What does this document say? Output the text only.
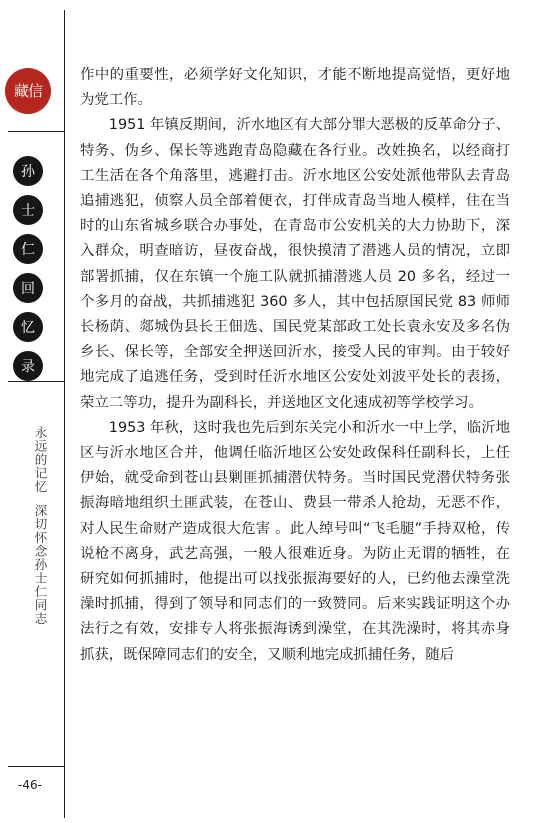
藏信
孙
士
仁
回
忆
录
永远的记忆
深切怀念孙士仁同志
-46-

作中的重要性，必须学好文化知识，才能不断地提高觉悟，更好地为党工作。

1951 年镇反期间，沂水地区有大部分罪大恶极的反革命分子、特务、伪乡、保长等逃跑青岛隐藏在各行业。改姓换名，以经商打工生活在各个角落里，逃避打击。沂水地区公安处派他带队去青岛追捕逃犯，侦察人员全部着便衣，打伴成青岛当地人模样，住在当时的山东省城乡联合办事处，在青岛市公安机关的大力协助下，深入群众，明查暗访，昼夜奋战，很快摸清了潜逃人员的情况，立即部署抓捕，仅在东镇一个施工队就抓捕潜逃人员 20 多名，经过一个多月的奋战，共抓捕逃犯 360 多人，其中包括原国民党 83 师师长杨荫、郯城伪县长王佃选、国民党某部政工处长袁永安及多名伪乡长、保长等，全部安全押送回沂水，接受人民的审判。由于较好地完成了追逃任务，受到时任沂水地区公安处刘波平处长的表扬，荣立二等功，提升为副科长，并送地区文化速成初等学校学习。

1953 年秋，这时我也先后到东关完小和沂水一中上学，临沂地区与沂水地区合并，他调任临沂地区公安处政保科任副科长，上任伊始，就受命到苍山县剿匪抓捕潜伏特务。当时国民党潜伏特务张振海暗地组织土匪武装，在苍山、费县一带杀人抢劫，无恶不作，对人民生命财产造成很大危害 。此人绰号叫“飞毛腿”手持双枪，传说枪不离身，武艺高强，一般人很难近身。为防止无谓的牺牲，在研究如何抓捕时，他提出可以找张振海要好的人，已约他去澡堂洗澡时抓捕，得到了领导和同志们的一致赞同。后来实践证明这个办法行之有效，安排专人将张振海诱到澡堂，在其洗澡时，将其赤身抓获，既保障同志们的安全，又顺利地完成抓捕任务，随后
